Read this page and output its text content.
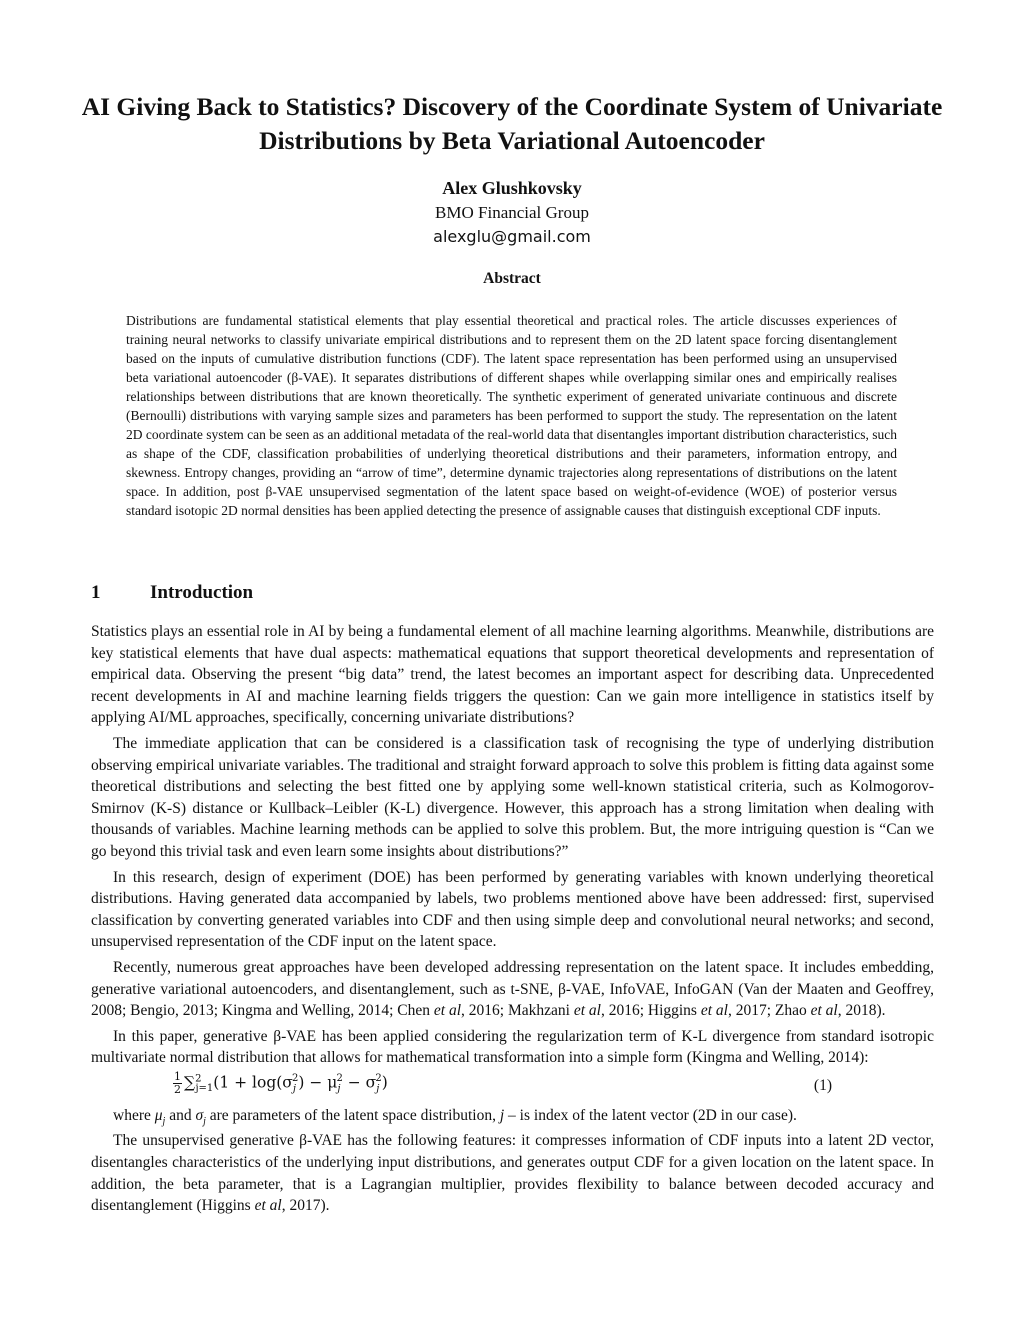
AI Giving Back to Statistics? Discovery of the Coordinate System of Univariate Distributions by Beta Variational Autoencoder
Alex Glushkovsky
BMO Financial Group
alexglu@gmail.com
Abstract

Distributions are fundamental statistical elements that play essential theoretical and practical roles. The article discusses experiences of training neural networks to classify univariate empirical distributions and to represent them on the 2D latent space forcing disentanglement based on the inputs of cumulative distribution functions (CDF). The latent space representation has been performed using an unsupervised beta variational autoencoder (β-VAE). It separates distributions of different shapes while overlapping similar ones and empirically realises relationships between distributions that are known theoretically. The synthetic experiment of generated univariate continuous and discrete (Bernoulli) distributions with varying sample sizes and parameters has been performed to support the study. The representation on the latent 2D coordinate system can be seen as an additional metadata of the real-world data that disentangles important distribution characteristics, such as shape of the CDF, classification probabilities of underlying theoretical distributions and their parameters, information entropy, and skewness. Entropy changes, providing an “arrow of time”, determine dynamic trajectories along representations of distributions on the latent space. In addition, post β-VAE unsupervised segmentation of the latent space based on weight-of-evidence (WOE) of posterior versus standard isotopic 2D normal densities has been applied detecting the presence of assignable causes that distinguish exceptional CDF inputs.

1	Introduction

Statistics plays an essential role in AI by being a fundamental element of all machine learning algorithms. Meanwhile, distributions are key statistical elements that have dual aspects: mathematical equations that support theoretical developments and representation of empirical data. Observing the present “big data” trend, the latest becomes an important aspect for describing data. Unprecedented recent developments in AI and machine learning fields triggers the question: Can we gain more intelligence in statistics itself by applying AI/ML approaches, specifically, concerning univariate distributions?

The immediate application that can be considered is a classification task of recognising the type of underlying distribution observing empirical univariate variables. The traditional and straight forward approach to solve this problem is fitting data against some theoretical distributions and selecting the best fitted one by applying some well-known statistical criteria, such as Kolmogorov-Smirnov (K-S) distance or Kullback–Leibler (K-L) divergence. However, this approach has a strong limitation when dealing with thousands of variables. Machine learning methods can be applied to solve this problem. But, the more intriguing question is “Can we go beyond this trivial task and even learn some insights about distributions?”

In this research, design of experiment (DOE) has been performed by generating variables with known underlying theoretical distributions. Having generated data accompanied by labels, two problems mentioned above have been addressed: first, supervised classification by converting generated variables into CDF and then using simple deep and convolutional neural networks; and second, unsupervised representation of the CDF input on the latent space.

Recently, numerous great approaches have been developed addressing representation on the latent space. It includes embedding, generative variational autoencoders, and disentanglement, such as t-SNE, β-VAE, InfoVAE, InfoGAN (Van der Maaten and Geoffrey, 2008; Bengio, 2013; Kingma and Welling, 2014; Chen et al, 2016; Makhzani et al, 2016; Higgins et al, 2017; Zhao et al, 2018).

In this paper, generative β-VAE has been applied considering the regularization term of K-L divergence from standard isotropic multivariate normal distribution that allows for mathematical transformation into a simple form (Kingma and Welling, 2014):

$\frac{1}{2} \sum^2_{j=1}(1 + \log(\sigma_j^2) - \mu_j^2 - \sigma_j^2)$	(1)

where $\mu_j$ and $\sigma_j$ are parameters of the latent space distribution, j – is index of the latent vector (2D in our case).

The unsupervised generative β-VAE has the following features: it compresses information of CDF inputs into a latent 2D vector, disentangles characteristics of the underlying input distributions, and generates output CDF for a given location on the latent space. In addition, the beta parameter, that is a Lagrangian multiplier, provides flexibility to balance between decoded accuracy and disentanglement (Higgins et al, 2017).
